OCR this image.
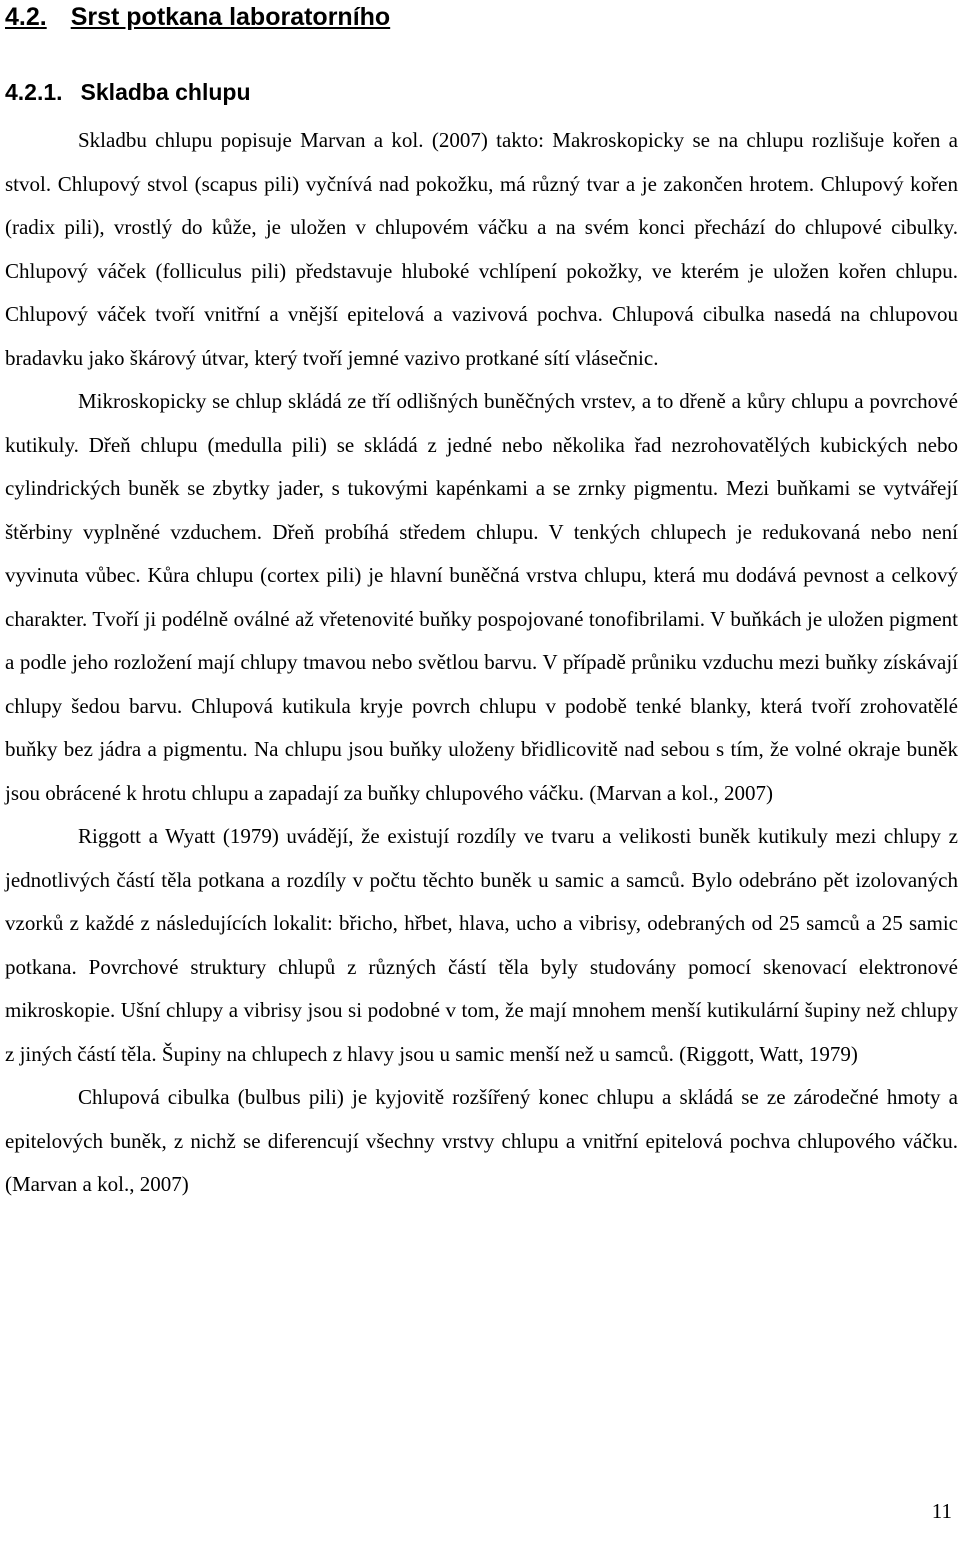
4.2. Srst potkana laboratorního
4.2.1. Skladba chlupu

Skladbu chlupu popisuje Marvan a kol. (2007) takto: Makroskopicky se na chlupu rozlišuje kořen a stvol. Chlupový stvol (scapus pili) vyčnívá nad pokožku, má různý tvar a je zakončen hrotem. Chlupový kořen (radix pili), vrostlý do kůže, je uložen v chlupovém váčku a na svém konci přechází do chlupové cibulky. Chlupový váček (folliculus pili) představuje hluboké vchlípení pokožky, ve kterém je uložen kořen chlupu. Chlupový váček tvoří vnitřní a vnější epitelová a vazivová pochva. Chlupová cibulka nasedá na chlupovou bradavku jako škárový útvar, který tvoří jemné vazivo protkané sítí vlásečnic.

Mikroskopicky se chlup skládá ze tří odlišných buněčných vrstev, a to dřeně a kůry chlupu a povrchové kutikuly. Dřeň chlupu (medulla pili) se skládá z jedné nebo několika řad nezrohovatělých kubických nebo cylindrických buněk se zbytky jader, s tukovými kapénkami a se zrnky pigmentu. Mezi buňkami se vytvářejí štěrbiny vyplněné vzduchem. Dřeň probíhá středem chlupu. V tenkých chlupech je redukovaná nebo není vyvinuta vůbec. Kůra chlupu (cortex pili) je hlavní buněčná vrstva chlupu, která mu dodává pevnost a celkový charakter. Tvoří ji podélně oválné až vřetenovité buňky pospojované tonofibrilami. V buňkách je uložen pigment a podle jeho rozložení mají chlupy tmavou nebo světlou barvu. V případě průniku vzduchu mezi buňky získávají chlupy šedou barvu. Chlupová kutikula kryje povrch chlupu v podobě tenké blanky, která tvoří zrohovatělé buňky bez jádra a pigmentu. Na chlupu jsou buňky uloženy břidlicovitě nad sebou s tím, že volné okraje buněk jsou obrácené k hrotu chlupu a zapadají za buňky chlupového váčku. (Marvan a kol., 2007)

Riggott a Wyatt (1979) uvádějí, že existují rozdíly ve tvaru a velikosti buněk kutikuly mezi chlupy z jednotlivých částí těla potkana a rozdíly v počtu těchto buněk u samic a samců. Bylo odebráno pět izolovaných vzorků z každé z následujících lokalit: břicho, hřbet, hlava, ucho a vibrisy, odebraných od 25 samců a 25 samic potkana. Povrchové struktury chlupů z různých částí těla byly studovány pomocí skenovací elektronové mikroskopie. Ušní chlupy a vibrisy jsou si podobné v tom, že mají mnohem menší kutikulární šupiny než chlupy z jiných částí těla. Šupiny na chlupech z hlavy jsou u samic menší než u samců. (Riggott, Watt, 1979)

Chlupová cibulka (bulbus pili) je kyjovitě rozšířený konec chlupu a skládá se ze zárodečné hmoty a epitelových buněk, z nichž se diferencují všechny vrstvy chlupu a vnitřní epitelová pochva chlupového váčku. (Marvan a kol., 2007)

11
